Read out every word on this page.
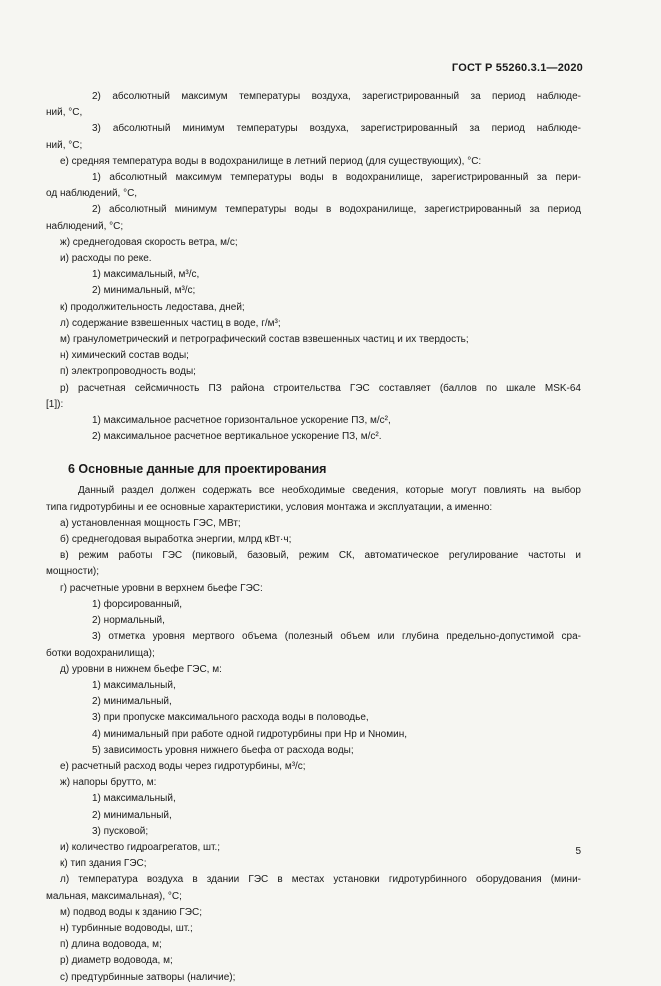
ГОСТ Р 55260.3.1—2020

2) абсолютный максимум температуры воздуха, зарегистрированный за период наблюде-

ний, °С,

3) абсолютный минимум температуры воздуха, зарегистрированный за период наблюде-

ний, °С;

е) средняя температура воды в водохранилище в летний период (для существующих), °С:

1) абсолютный максимум температуры воды в водохранилище, зарегистрированный за пери-

од наблюдений, °С,

2) абсолютный минимум температуры воды в водохранилище, зарегистрированный за период

наблюдений, °С;

ж) среднегодовая скорость ветра, м/с;

и) расходы по реке.

1) максимальный, м³/с,

2) минимальный, м³/с;

к) продолжительность ледостава, дней;

л) содержание взвешенных частиц в воде, г/м³;

м) гранулометрический и петрографический состав взвешенных частиц и их твердость;

н) химический состав воды;

п) электропроводность воды;

р) расчетная сейсмичность ПЗ района строительства ГЭС составляет (баллов по шкале MSK-64

[1]):

1) максимальное расчетное горизонтальное ускорение ПЗ, м/с²,

2) максимальное расчетное вертикальное ускорение ПЗ, м/с².

6 Основные данные для проектирования

Данный раздел должен содержать все необходимые сведения, которые могут повлиять на выбор

типа гидротурбины и ее основные характеристики, условия монтажа и эксплуатации, а именно:

а) установленная мощность ГЭС, МВт;

б) среднегодовая выработка энергии, млрд кВт·ч;

в) режим работы ГЭС (пиковый, базовый, режим СК, автоматическое регулирование частоты и

мощности);

г) расчетные уровни в верхнем бьефе ГЭС:

1) форсированный,

2) нормальный,

3) отметка уровня мертвого объема (полезный объем или глубина предельно-допустимой сра-

ботки водохранилища);

д) уровни в нижнем бьефе ГЭС, м:

1) максимальный,

2) минимальный,

3) при пропуске максимального расхода воды в половодье,

4) минимальный при работе одной гидротурбины при Hр и Nномин,

5) зависимость уровня нижнего бьефа от расхода воды;

е) расчетный расход воды через гидротурбины, м³/с;

ж) напоры брутто, м:

1) максимальный,

2) минимальный,

3) пусковой;

и) количество гидроагрегатов, шт.;

к) тип здания ГЭС;

л) температура воздуха в здании ГЭС в местах установки гидротурбинного оборудования (мини-

мальная, максимальная), °С;

м) подвод воды к зданию ГЭС;

н) турбинные водоводы, шт.;

п) длина водовода, м;

р) диаметр водовода, м;

с) предтурбинные затворы (наличие);

5
